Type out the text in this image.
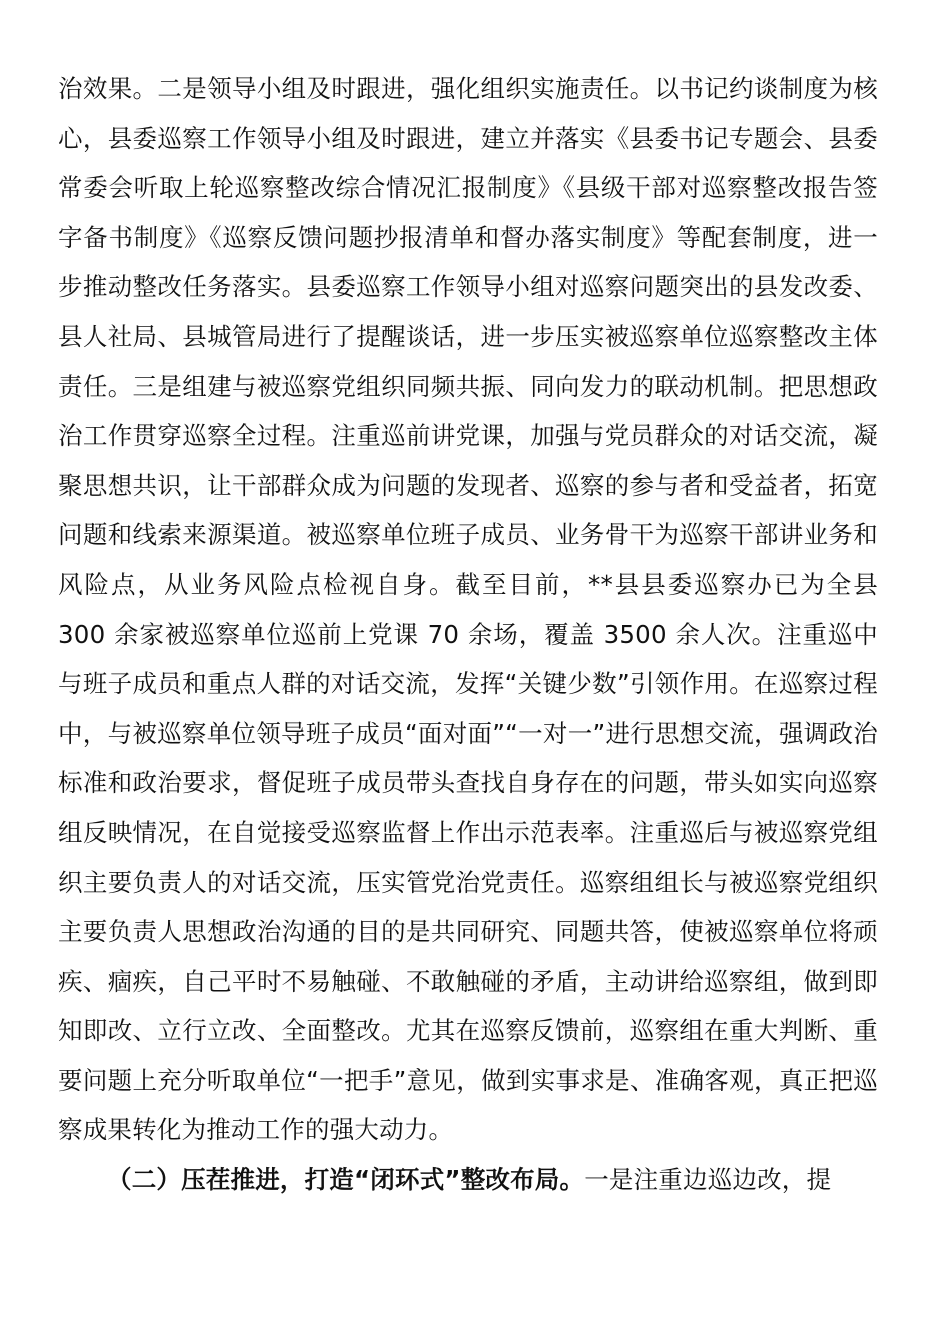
治效果。二是领导小组及时跟进，强化组织实施责任。以书记约谈制度为核心，县委巡察工作领导小组及时跟进，建立并落实《县委书记专题会、县委常委会听取上轮巡察整改综合情况汇报制度》《县级干部对巡察整改报告签字备书制度》《巡察反馈问题抄报清单和督办落实制度》等配套制度，进一步推动整改任务落实。县委巡察工作领导小组对巡察问题突出的县发改委、县人社局、县城管局进行了提醒谈话，进一步压实被巡察单位巡察整改主体责任。三是组建与被巡察党组织同频共振、同向发力的联动机制。把思想政治工作贯穿巡察全过程。注重巡前讲党课，加强与党员群众的对话交流，凝聚思想共识，让干部群众成为问题的发现者、巡察的参与者和受益者，拓宽问题和线索来源渠道。被巡察单位班子成员、业务骨干为巡察干部讲业务和风险点，从业务风险点检视自身。截至目前，**县县委巡察办已为全县 300 余家被巡察单位巡前上党课 70 余场，覆盖 3500 余人次。注重巡中与班子成员和重点人群的对话交流，发挥“关键少数”引领作用。在巡察过程中，与被巡察单位领导班子成员“面对面”“一对一”进行思想交流，强调政治标准和政治要求，督促班子成员带头查找自身存在的问题，带头如实向巡察组反映情况，在自觉接受巡察监督上作出示范表率。注重巡后与被巡察党组织主要负责人的对话交流，压实管党治党责任。巡察组组长与被巡察党组织主要负责人思想政治沟通的目的是共同研究、同题共答，使被巡察单位将顽疾、痼疾，自己平时不易触碰、不敢触碰的矛盾，主动讲给巡察组，做到即知即改、立行立改、全面整改。尤其在巡察反馈前，巡察组在重大判断、重要问题上充分听取单位“一把手”意见，做到实事求是、准确客观，真正把巡察成果转化为推动工作的强大动力。

（二）压茬推进，打造“闭环式”整改布局。一是注重边巡边改，提
